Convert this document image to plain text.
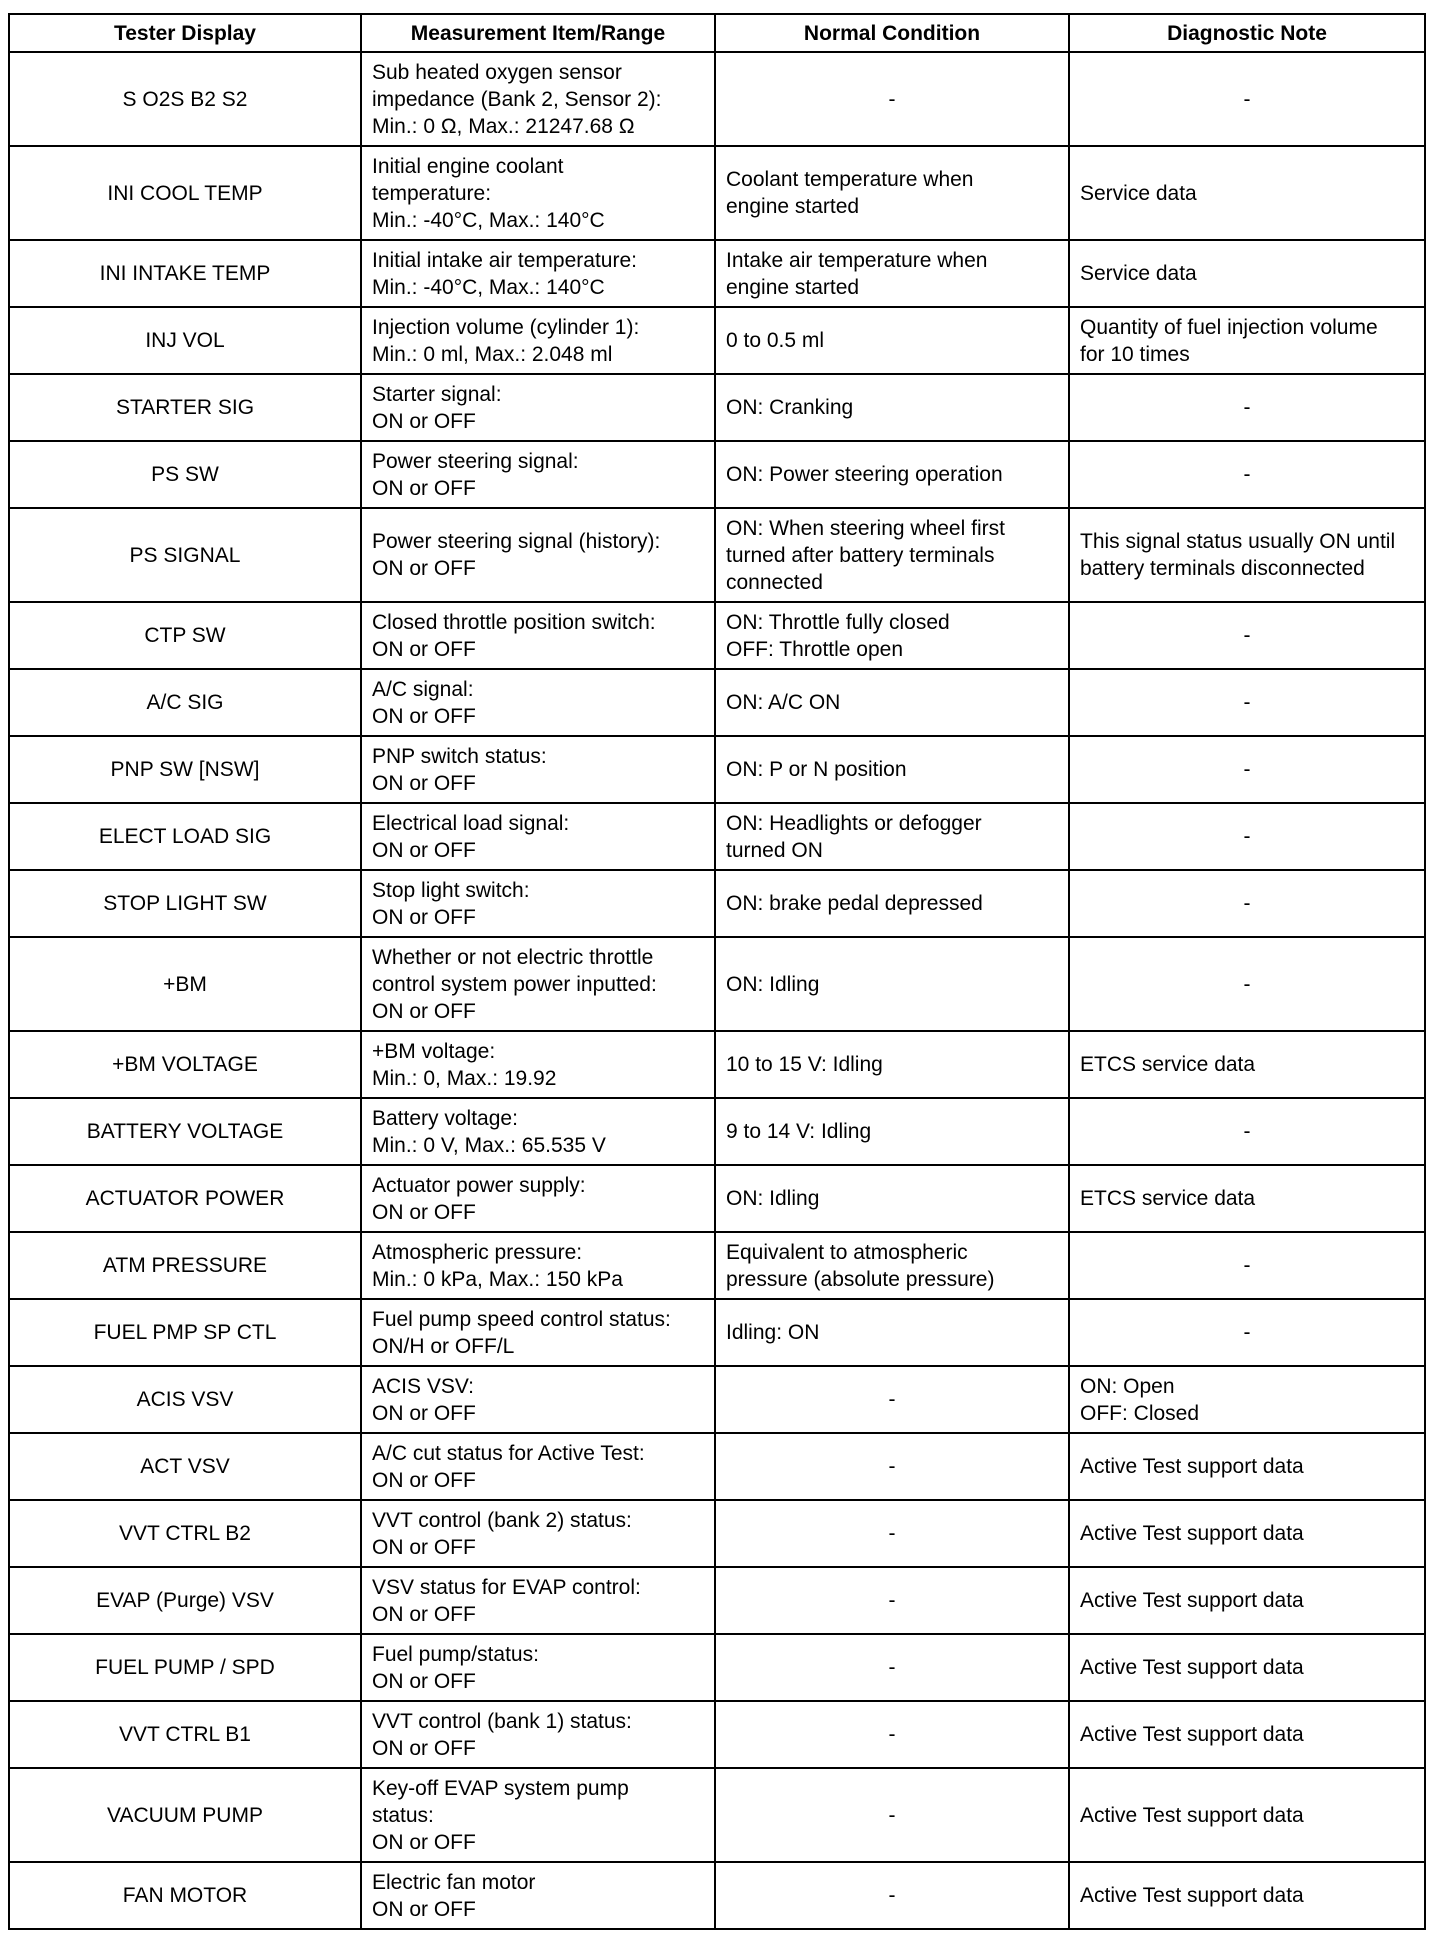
Tester Display	Measurement Item/Range	Normal Condition	Diagnostic Note
S O2S B2 S2	Sub heated oxygen sensor
impedance (Bank 2, Sensor 2):
Min.: 0 Ω, Max.: 21247.68 Ω	-	-
INI COOL TEMP	Initial engine coolant
temperature:
Min.: -40°C, Max.: 140°C	Coolant temperature when
engine started	Service data
INI INTAKE TEMP	Initial intake air temperature:
Min.: -40°C, Max.: 140°C	Intake air temperature when
engine started	Service data
INJ VOL	Injection volume (cylinder 1):
Min.: 0 ml, Max.: 2.048 ml	0 to 0.5 ml	Quantity of fuel injection volume
for 10 times
STARTER SIG	Starter signal:
ON or OFF	ON: Cranking	-
PS SW	Power steering signal:
ON or OFF	ON: Power steering operation	-
PS SIGNAL	Power steering signal (history):
ON or OFF	ON: When steering wheel first
turned after battery terminals
connected	This signal status usually ON until
battery terminals disconnected
CTP SW	Closed throttle position switch:
ON or OFF	ON: Throttle fully closed
OFF: Throttle open	-
A/C SIG	A/C signal:
ON or OFF	ON: A/C ON	-
PNP SW [NSW]	PNP switch status:
ON or OFF	ON: P or N position	-
ELECT LOAD SIG	Electrical load signal:
ON or OFF	ON: Headlights or defogger
turned ON	-
STOP LIGHT SW	Stop light switch:
ON or OFF	ON: brake pedal depressed	-
+BM	Whether or not electric throttle
control system power inputted:
ON or OFF	ON: Idling	-
+BM VOLTAGE	+BM voltage:
Min.: 0, Max.: 19.92	10 to 15 V: Idling	ETCS service data
BATTERY VOLTAGE	Battery voltage:
Min.: 0 V, Max.: 65.535 V	9 to 14 V: Idling	-
ACTUATOR POWER	Actuator power supply:
ON or OFF	ON: Idling	ETCS service data
ATM PRESSURE	Atmospheric pressure:
Min.: 0 kPa, Max.: 150 kPa	Equivalent to atmospheric
pressure (absolute pressure)	-
FUEL PMP SP CTL	Fuel pump speed control status:
ON/H or OFF/L	Idling: ON	-
ACIS VSV	ACIS VSV:
ON or OFF	-	ON: Open
OFF: Closed
ACT VSV	A/C cut status for Active Test:
ON or OFF	-	Active Test support data
VVT CTRL B2	VVT control (bank 2) status:
ON or OFF	-	Active Test support data
EVAP (Purge) VSV	VSV status for EVAP control:
ON or OFF	-	Active Test support data
FUEL PUMP / SPD	Fuel pump/status:
ON or OFF	-	Active Test support data
VVT CTRL B1	VVT control (bank 1) status:
ON or OFF	-	Active Test support data
VACUUM PUMP	Key-off EVAP system pump
status:
ON or OFF	-	Active Test support data
FAN MOTOR	Electric fan motor
ON or OFF	-	Active Test support data
